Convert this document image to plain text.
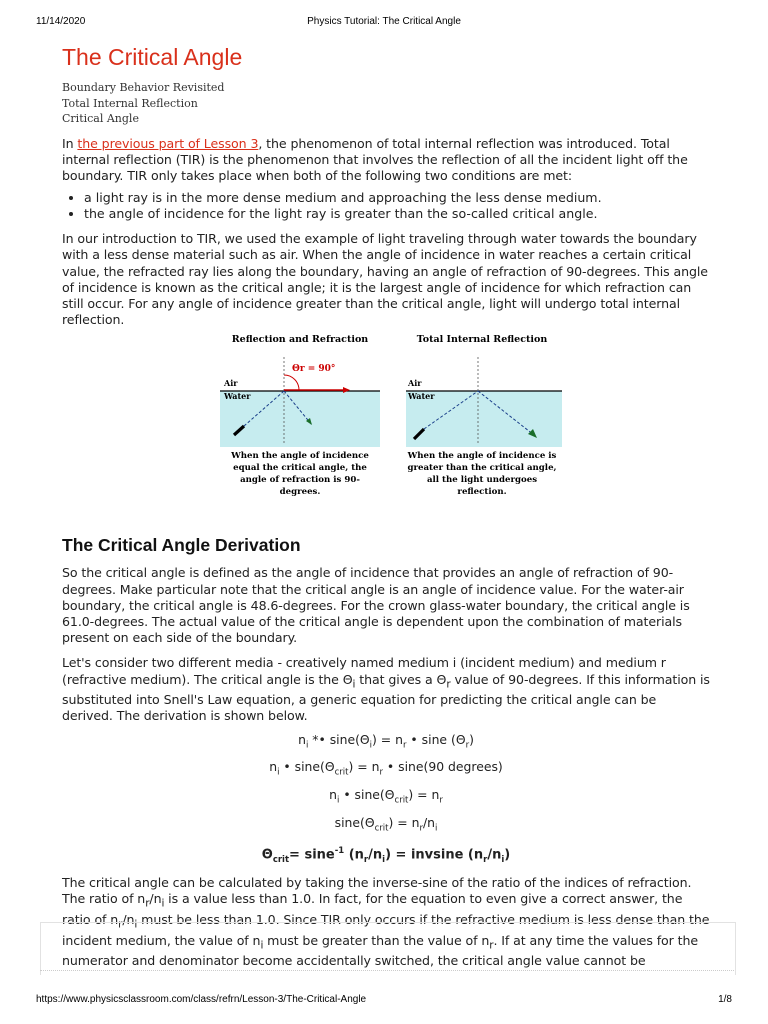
11/14/2020	Physics Tutorial: The Critical Angle
The Critical Angle
Boundary Behavior Revisited
Total Internal Reflection
Critical Angle

In the previous part of Lesson 3, the phenomenon of total internal reflection was introduced. Total internal reflection (TIR) is the phenomenon that involves the reflection of all the incident light off the boundary. TIR only takes place when both of the following two conditions are met:

• a light ray is in the more dense medium and approaching the less dense medium.
• the angle of incidence for the light ray is greater than the so-called critical angle.

In our introduction to TIR, we used the example of light traveling through water towards the boundary with a less dense material such as air. When the angle of incidence in water reaches a certain critical value, the refracted ray lies along the boundary, having an angle of refraction of 90-degrees. This angle of incidence is known as the critical angle; it is the largest angle of incidence for which refraction can still occur. For any angle of incidence greater than the critical angle, light will undergo total internal reflection.

Reflection and Refraction
Air
Water
Θr = 90°
When the angle of incidence equal the critical angle, the angle of refraction is 90-degrees.
Total Internal Reflection
Air
Water
When the angle of incidence is greater than the critical angle, all the light undergoes reflection.
The Critical Angle Derivation

So the critical angle is defined as the angle of incidence that provides an angle of refraction of 90-degrees. Make particular note that the critical angle is an angle of incidence value. For the water-air boundary, the critical angle is 48.6-degrees. For the crown glass-water boundary, the critical angle is 61.0-degrees. The actual value of the critical angle is dependent upon the combination of materials present on each side of the boundary.

Let's consider two different media - creatively named medium i (incident medium) and medium r (refractive medium). The critical angle is the $\Theta_i$ that gives a $\Theta_r$ value of 90-degrees. If this information is substituted into Snell's Law equation, a generic equation for predicting the critical angle can be derived. The derivation is shown below.

$n_i$ *• $\sin e(\Theta_i) = n_r$ • sine $(\Theta_r)$
$n_i$ • $\sin e(\Theta_{crit}) = n_r$ • sine(90 degrees)
$n_i$ • $\sin e(\Theta_{crit}) = n_r$
$\sin e(\Theta_{crit}) = n_r/n_i$
$\Theta_{crit}= \sin e^{-1}$ $(n_r/n_i) = invsine$ $(n_r/n_i)$

The critical angle can be calculated by taking the inverse-sine of the ratio of the indices of refraction. The ratio of $n_r/n_i$ is a value less than 1.0. In fact, for the equation to even give a correct answer, the ratio of $n_r/n_i$ must be less than 1.0. Since TIR only occurs if the refractive medium is less dense than the incident medium, the value of $n_i$ must be greater than the value of $n_r$. If at any time the values for the numerator and denominator become accidentally switched, the critical angle value cannot be

https://www.physicsclassroom.com/class/refrn/Lesson-3/The-Critical-Angle	1/8
